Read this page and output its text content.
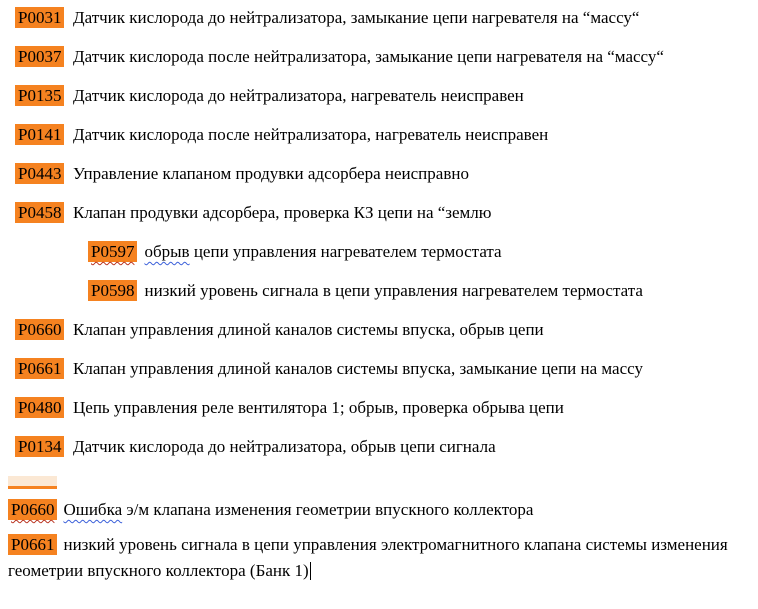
P0031 Датчик кислорода до нейтрализатора, замыкание цепи нагревателя на “массу“
P0037 Датчик кислорода после нейтрализатора, замыкание цепи нагревателя на “массу“
P0135 Датчик кислорода до нейтрализатора, нагреватель неисправен
P0141 Датчик кислорода после нейтрализатора, нагреватель неисправен
P0443 Управление клапаном продувки адсорбера неисправно
P0458 Клапан продувки адсорбера, проверка КЗ цепи на “землю
P0597 обрыв цепи управления нагревателем термостата
P0598 низкий уровень сигнала в цепи управления нагревателем термостата
P0660 Клапан управления длиной каналов системы впуска, обрыв цепи
P0661 Клапан управления длиной каналов системы впуска, замыкание цепи на массу
P0480 Цепь управления реле вентилятора 1; обрыв, проверка обрыва цепи
P0134 Датчик кислорода до нейтрализатора, обрыв цепи сигнала
P0660 Ошибка э/м клапана изменения геометрии впускного коллектора
P0661 низкий уровень сигнала в цепи управления электромагнитного клапана системы изменения геометрии впускного коллектора (Банк 1)
